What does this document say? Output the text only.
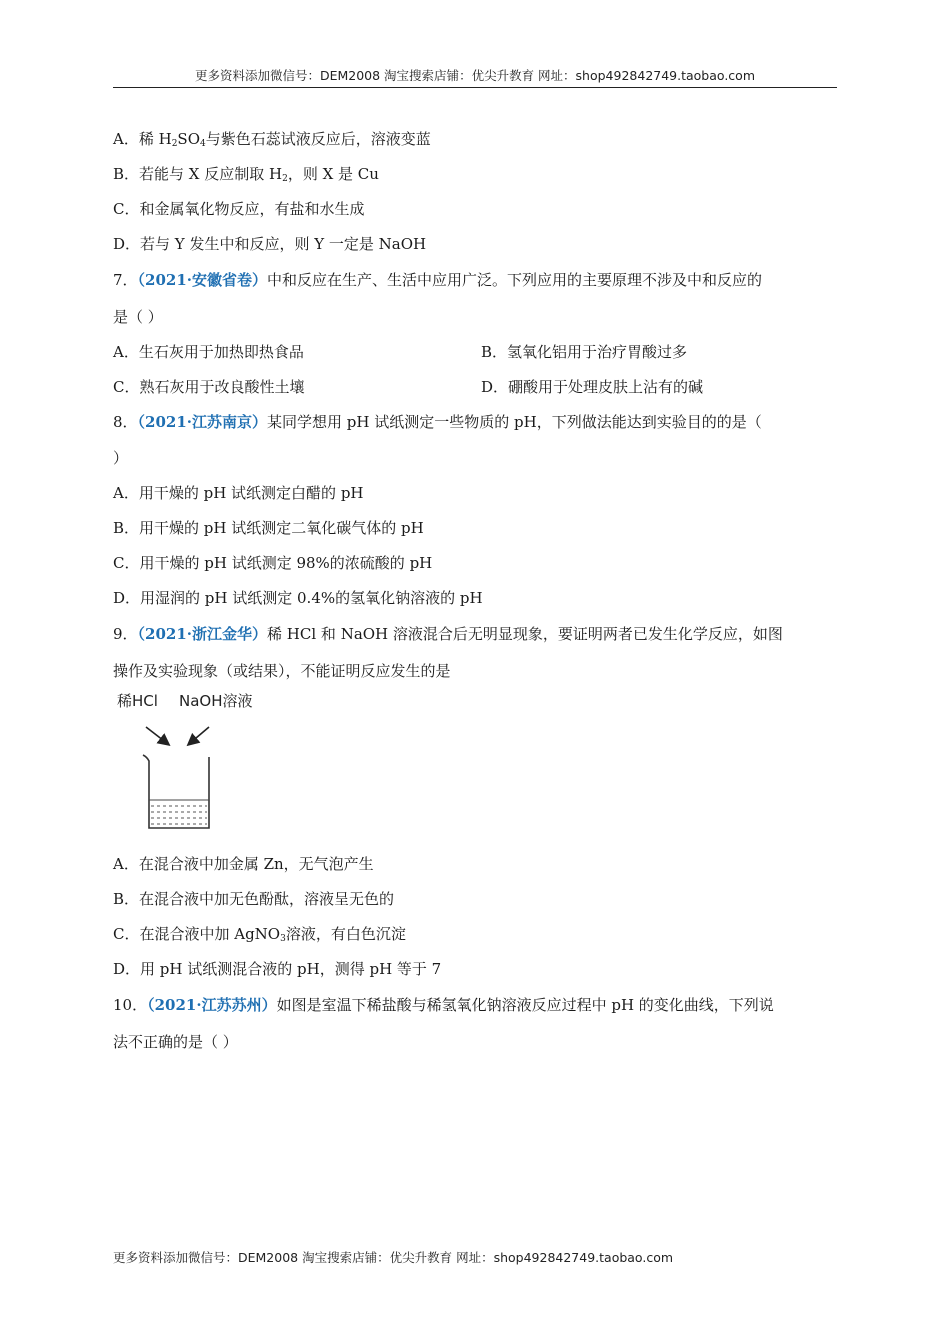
更多资料添加微信号：DEM2008 淘宝搜索店铺：优尖升教育 网址：shop492842749.taobao.com
A．稀 $H_2SO_4$与紫色石蕊试液反应后，溶液变蓝
B．若能与 X 反应制取 $H_2$，则 X 是 Cu
C．和金属氧化物反应，有盐和水生成
D．若与 Y 发生中和反应，则 Y 一定是 NaOH
7．（2021·安徽省卷）中和反应在生产、生活中应用广泛。下列应用的主要原理不涉及中和反应的
是（ ）
A．生石灰用于加热即热食品	B．氢氧化铝用于治疗胃酸过多
C．熟石灰用于改良酸性土壤	D．硼酸用于处理皮肤上沾有的碱
8．（2021·江苏南京）某同学想用 pH 试纸测定一些物质的 pH，下列做法能达到实验目的的是（
）
A．用干燥的 pH 试纸测定白醋的 pH
B．用干燥的 pH 试纸测定二氧化碳气体的 pH
C．用干燥的 pH 试纸测定 98%的浓硫酸的 pH
D．用湿润的 pH 试纸测定 0.4%的氢氧化钠溶液的 pH
9．（2021·浙江金华）稀 HCl 和 NaOH 溶液混合后无明显现象，要证明两者已发生化学反应，如图
操作及实验现象（或结果），不能证明反应发生的是
稀HCl NaOH溶液
A．在混合液中加金属 Zn，无气泡产生
B．在混合液中加无色酚酞，溶液呈无色的
C．在混合液中加 AgNO$_3$溶液，有白色沉淀
D．用 pH 试纸测混合液的 pH，测得 pH 等于 7
10．（2021·江苏苏州）如图是室温下稀盐酸与稀氢氧化钠溶液反应过程中 pH 的变化曲线，下列说
法不正确的是（ ）
更多资料添加微信号：DEM2008 淘宝搜索店铺：优尖升教育 网址：shop492842749.taobao.com
